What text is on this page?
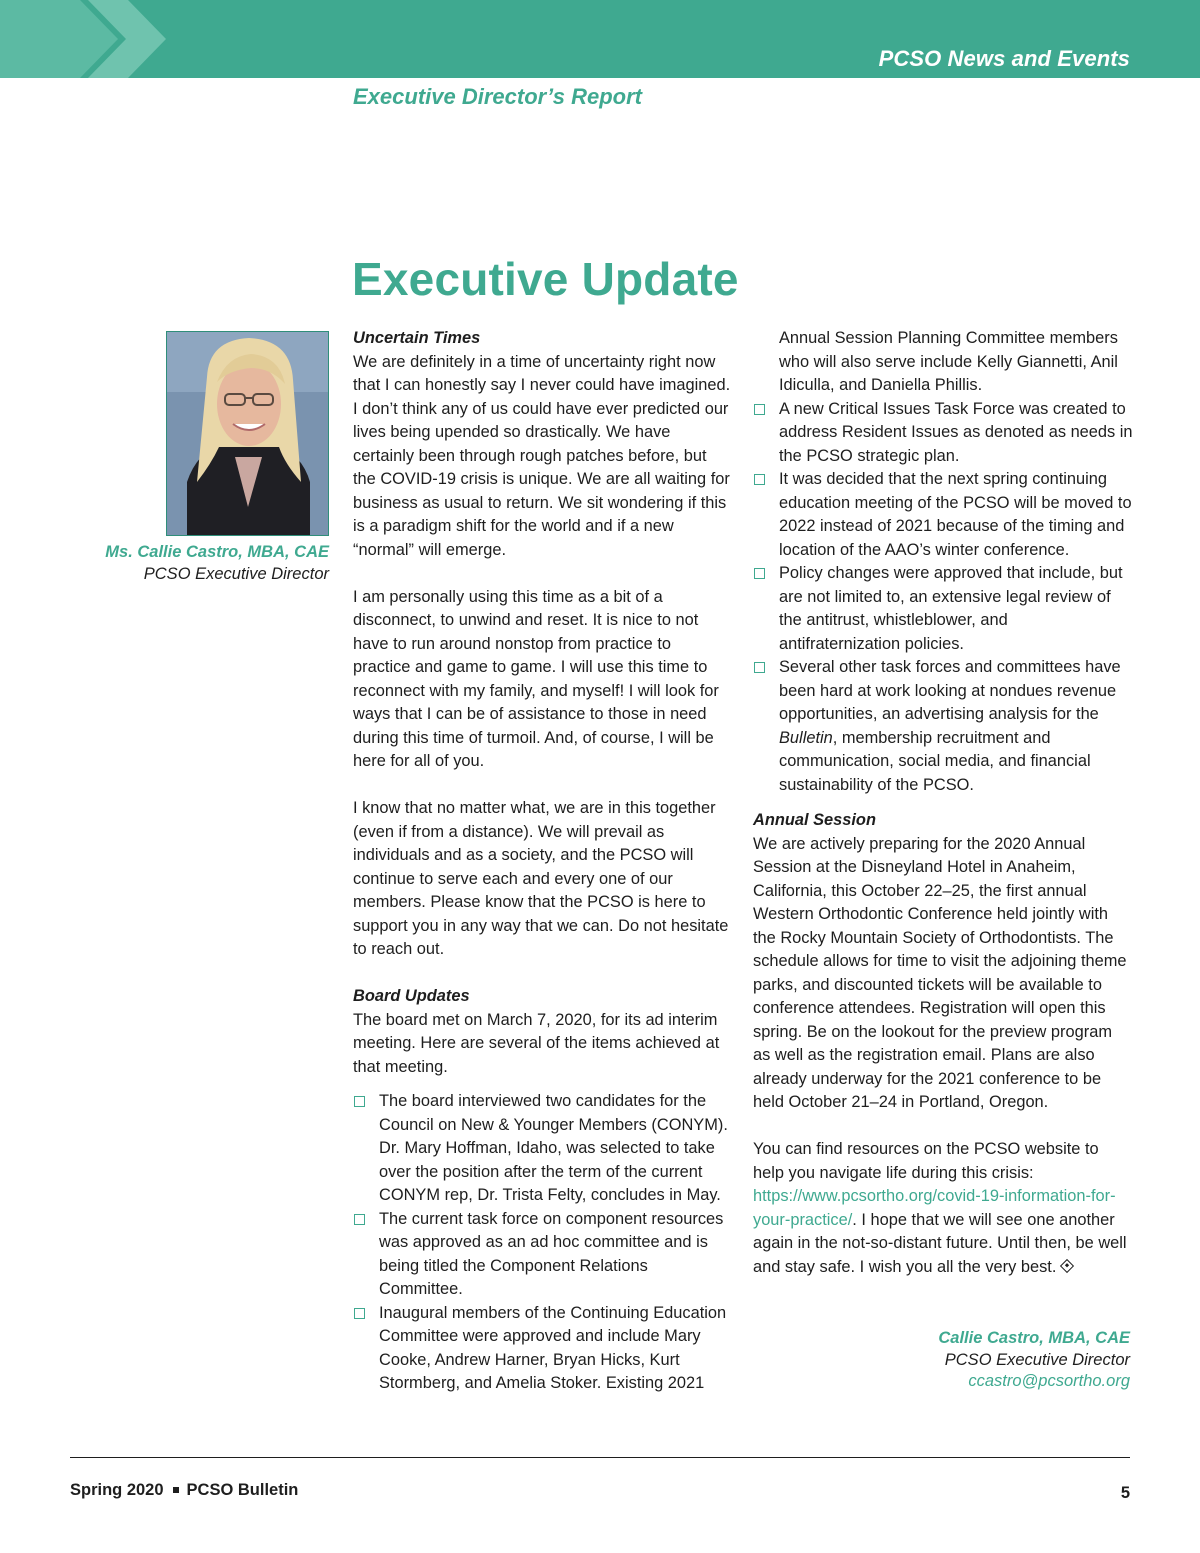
PCSO News and Events
Executive Director’s Report
Executive Update
Ms. Callie Castro, MBA, CAE
PCSO Executive Director
Uncertain Times

We are definitely in a time of uncertainty right now that I can honestly say I never could have imagined. I don’t think any of us could have ever predicted our lives being upended so drastically. We have certainly been through rough patches before, but the COVID-19 crisis is unique. We are all waiting for business as usual to return. We sit wondering if this is a paradigm shift for the world and if a new “normal” will emerge.

I am personally using this time as a bit of a disconnect, to unwind and reset. It is nice to not have to run around nonstop from practice to practice and game to game. I will use this time to reconnect with my family, and myself! I will look for ways that I can be of assistance to those in need during this time of turmoil. And, of course, I will be here for all of you.

I know that no matter what, we are in this together (even if from a distance). We will prevail as individuals and as a society, and the PCSO will continue to serve each and every one of our members. Please know that the PCSO is here to support you in any way that we can. Do not hesitate to reach out.

Board Updates

The board met on March 7, 2020, for its ad interim meeting. Here are several of the items achieved at that meeting.

The board interviewed two candidates for the Council on New & Younger Members (CONYM). Dr. Mary Hoffman, Idaho, was selected to take over the position after the term of the current CONYM rep, Dr. Trista Felty, concludes in May.
The current task force on component resources was approved as an ad hoc committee and is being titled the Component Relations Committee.
Inaugural members of the Continuing Education Committee were approved and include Mary Cooke, Andrew Harner, Bryan Hicks, Kurt Stormberg, and Amelia Stoker. Existing 2021
Annual Session Planning Committee members who will also serve include Kelly Giannetti, Anil Idiculla, and Daniella Phillis.
A new Critical Issues Task Force was created to address Resident Issues as denoted as needs in the PCSO strategic plan.
It was decided that the next spring continuing education meeting of the PCSO will be moved to 2022 instead of 2021 because of the timing and location of the AAO’s winter conference.
Policy changes were approved that include, but are not limited to, an extensive legal review of the antitrust, whistleblower, and antifraternization policies.
Several other task forces and committees have been hard at work looking at nondues revenue opportunities, an advertising analysis for the Bulletin, membership recruitment and communication, social media, and financial sustainability of the PCSO.
Annual Session

We are actively preparing for the 2020 Annual Session at the Disneyland Hotel in Anaheim, California, this October 22–25, the first annual Western Orthodontic Conference held jointly with the Rocky Mountain Society of Orthodontists. The schedule allows for time to visit the adjoining theme parks, and discounted tickets will be available to conference attendees. Registration will open this spring. Be on the lookout for the preview program as well as the registration email. Plans are also already underway for the 2021 conference to be held October 21–24 in Portland, Oregon.

You can find resources on the PCSO website to help you navigate life during this crisis: https://www.pcsortho.org/covid-19-information-for-your-practice/. I hope that we will see one another again in the not-so-distant future. Until then, be well and stay safe. I wish you all the very best.

Callie Castro, MBA, CAE
PCSO Executive Director
ccastro@pcsortho.org
Spring 2020 PCSO Bulletin	5
